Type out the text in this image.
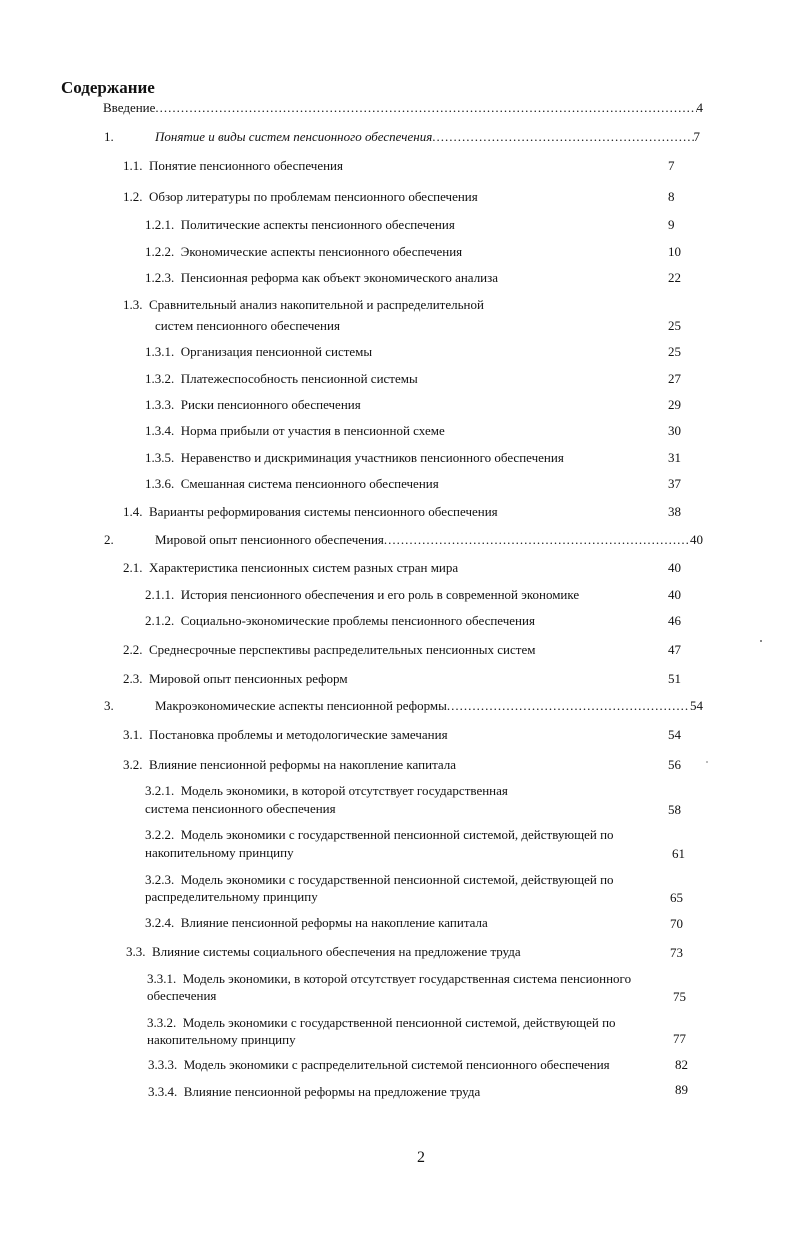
Содержание
Введение .....	4
1.	Понятие и виды систем пенсионного обеспечения .....	7
1.1. Понятие пенсионного обеспечения	7
1.2. Обзор литературы по проблемам пенсионного обеспечения	8
1.2.1. Политические аспекты пенсионного обеспечения	9
1.2.2. Экономические аспекты пенсионного обеспечения	10
1.2.3. Пенсионная реформа как объект экономического анализа	22
1.3. Сравнительный анализ накопительной и распределительной
систем пенсионного обеспечения	25
1.3.1. Организация пенсионной системы	25
1.3.2. Платежеспособность пенсионной системы	27
1.3.3. Риски пенсионного обеспечения	29
1.3.4. Норма прибыли от участия в пенсионной схеме	30
1.3.5. Неравенство и дискриминация участников пенсионного обеспечения	31
1.3.6. Смешанная система пенсионного обеспечения	37
1.4. Варианты реформирования системы пенсионного обеспечения	38
2.	Мировой опыт пенсионного обеспечения .....	40
2.1. Характеристика пенсионных систем разных стран мира	40
2.1.1. История пенсионного обеспечения и его роль в современной экономике	40
2.1.2. Социально-экономические проблемы пенсионного обеспечения	46
2.2. Среднесрочные перспективы распределительных пенсионных систем	47
2.3. Мировой опыт пенсионных реформ	51
3.	Макроэкономические аспекты пенсионной реформы .....	54
3.1. Постановка проблемы и методологические замечания	54
3.2. Влияние пенсионной реформы на накопление капитала	56
3.2.1. Модель экономики, в которой отсутствует государственная
система пенсионного обеспечения	58
3.2.2. Модель экономики с государственной пенсионной системой, действующей по
накопительному принципу	61
3.2.3. Модель экономики с государственной пенсионной системой, действующей по
распределительному принципу	65
3.2.4. Влияние пенсионной реформы на накопление капитала	70
3.3. Влияние системы социального обеспечения на предложение труда	73
3.3.1. Модель экономики, в которой отсутствует государственная система пенсионного
обеспечения	75
3.3.2. Модель экономики с государственной пенсионной системой, действующей по
накопительному принципу	77
3.3.3. Модель экономики с распределительной системой пенсионного обеспечения	82
3.3.4. Влияние пенсионной реформы на предложение труда	89
2
